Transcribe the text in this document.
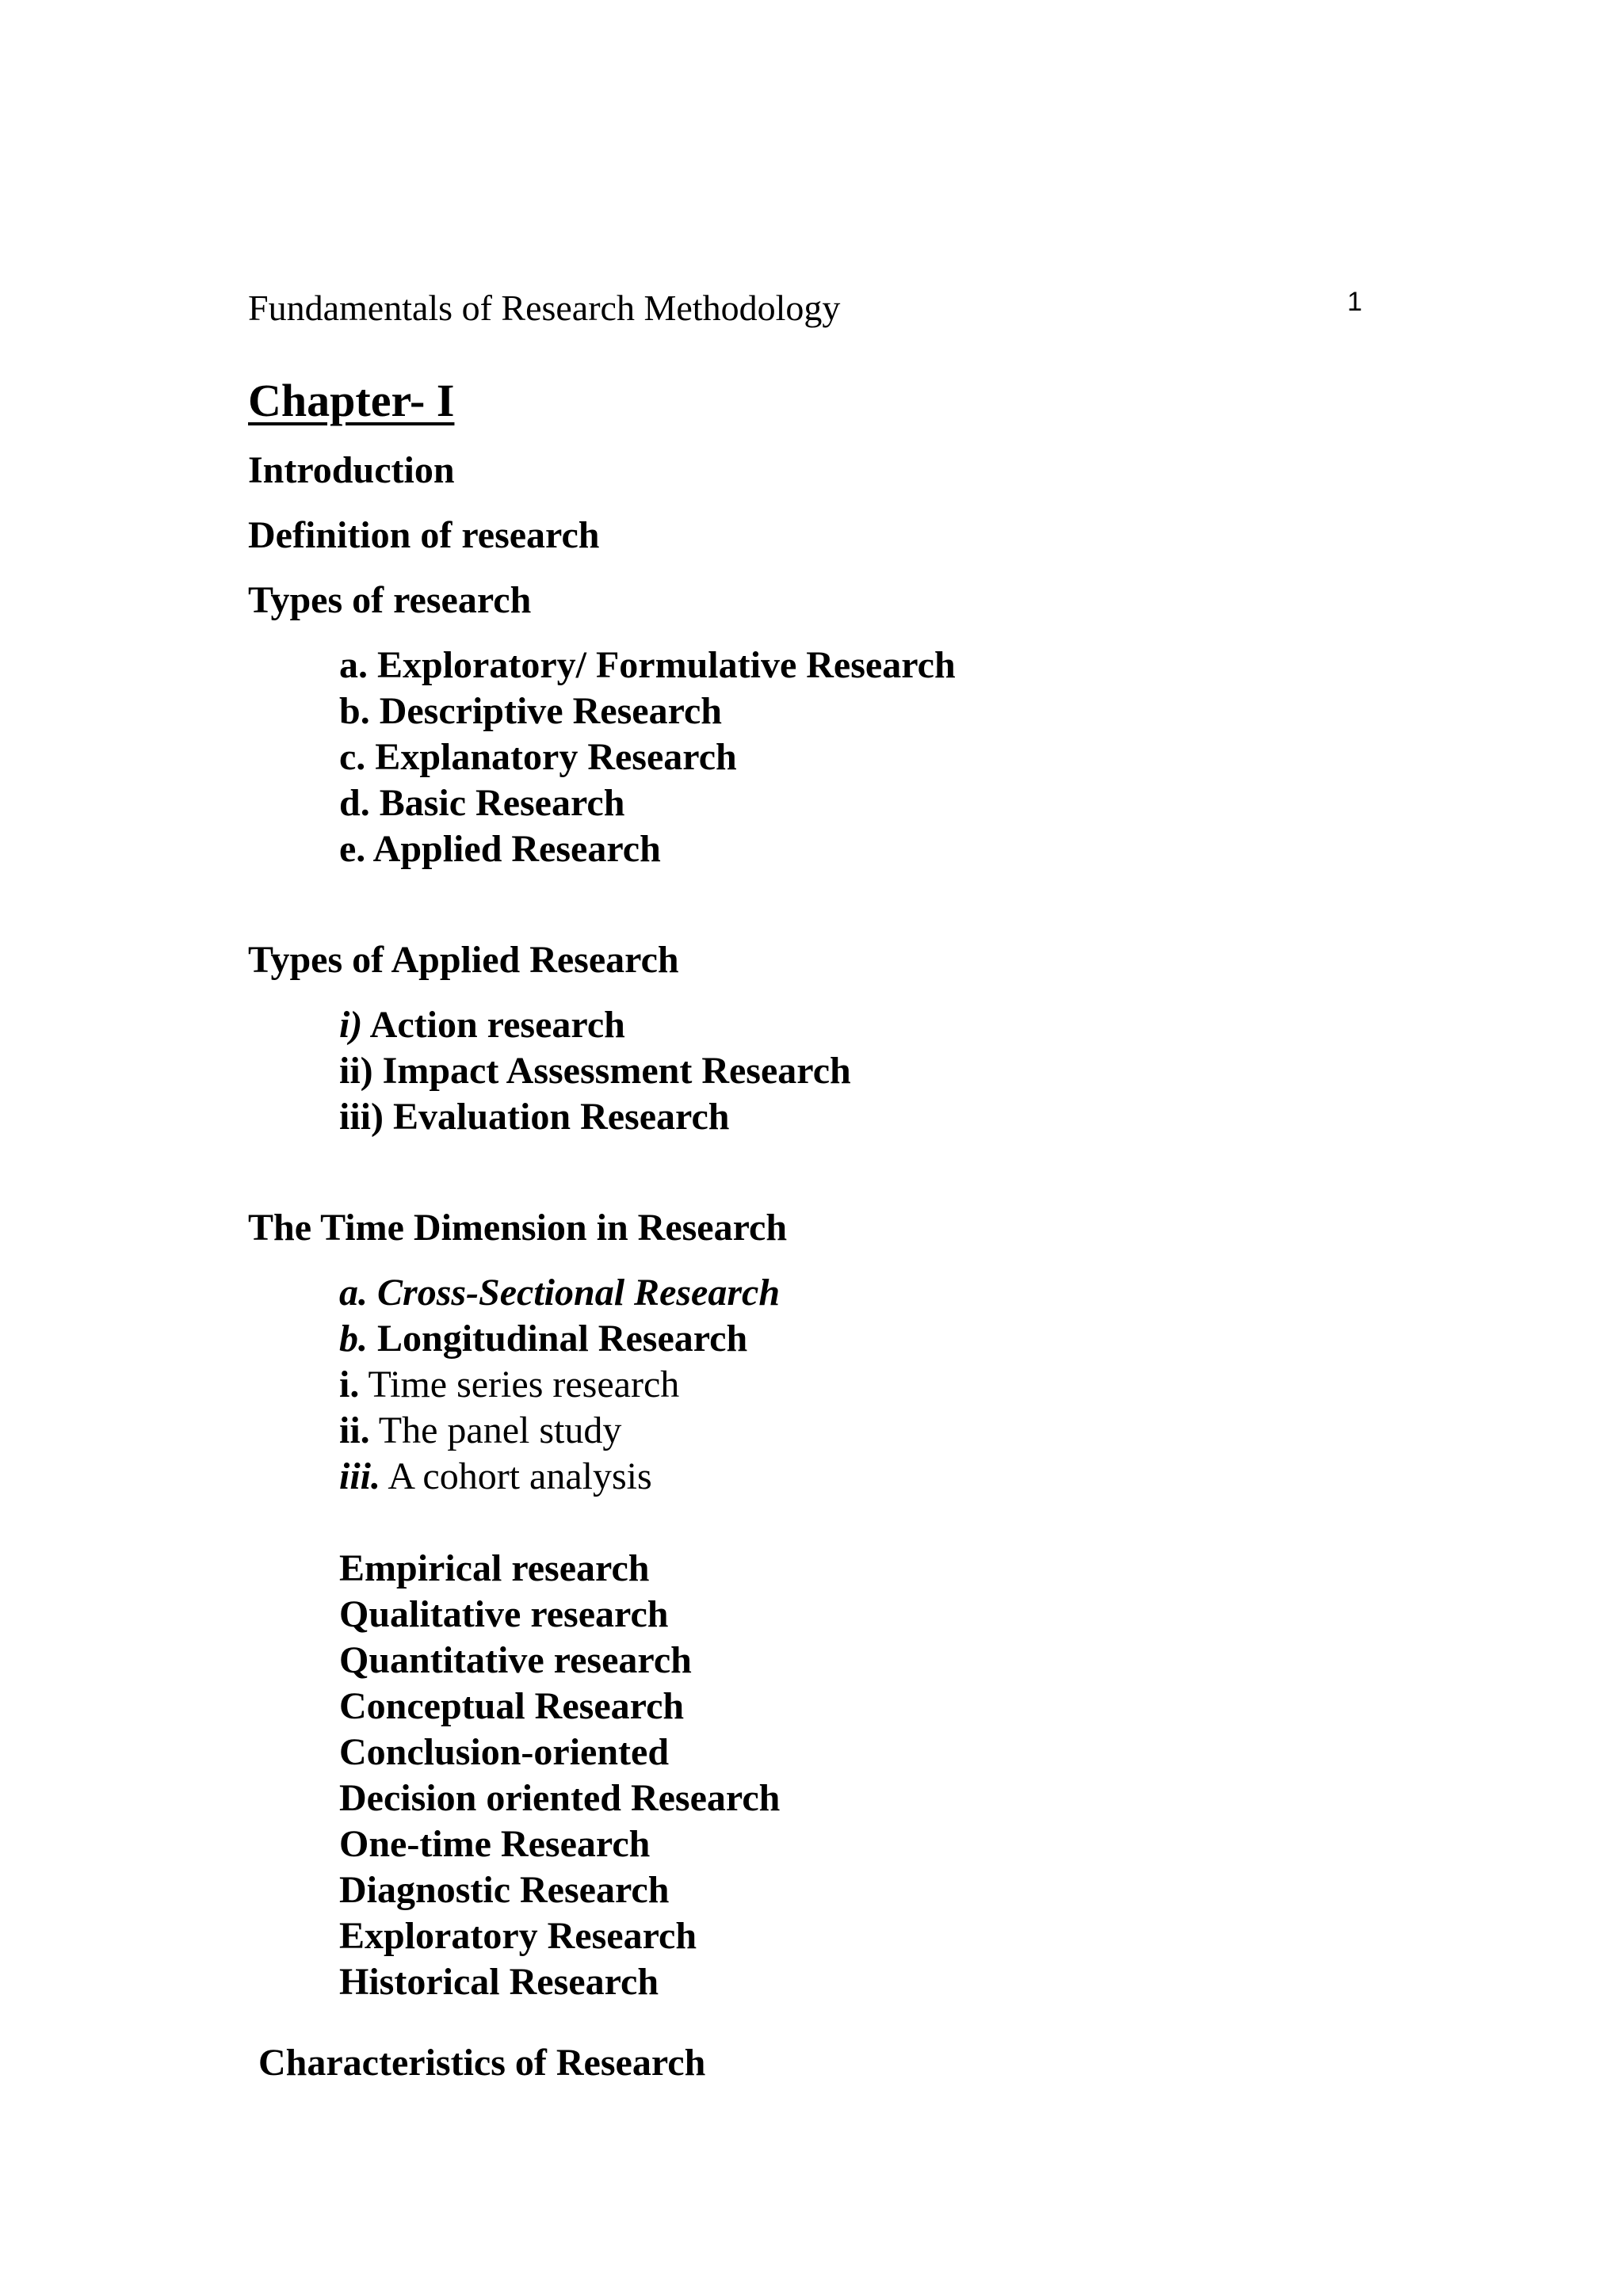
Fundamentals of Research Methodology	1
Chapter- I
Introduction
Definition of research
Types of research
a. Exploratory/ Formulative Research
b. Descriptive Research
c. Explanatory Research
d. Basic Research
e. Applied Research
Types of Applied Research
i) Action research
ii) Impact Assessment Research
iii) Evaluation Research
The Time Dimension in Research
a. Cross-Sectional Research
b. Longitudinal Research
i. Time series research
ii. The panel study
iii. A cohort analysis
Empirical research
Qualitative research
Quantitative research
Conceptual Research
Conclusion-oriented
Decision oriented Research
One-time Research
Diagnostic Research
Exploratory Research
Historical Research
Characteristics of Research
